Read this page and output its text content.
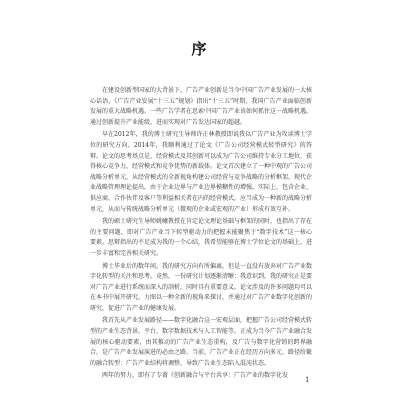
序

在建设创新型国家的大背景下，广告产业创新是当今中国广告产业发展的一大核心话语，《广告产业发展“十三五”规划》指出“十三五”时期，我国广告产业面临创新发展的重大战略机遇。一些广告学者在思索中国广告产业该如何抓住这一战略机遇，通过创新提升产业能级，进而实现对广告发达国家的超越。

早在2012年，我的博士研究生导师许正林教授即说我以广告产业为攻读博士学位的研究方向。2014年，我顺利通过了论文《广告公司经营模式转型研究》的答辩。论文的思考基点是，经营模式及其创新可以成为广告公司维持专业分工地位，获得核心竞争力，经营模式和竞争优势的新载体。论文首次建立了一种中观的广告公司战略分析单元，从经营模式的全新视角构建公司经营与竞争战略的分析框架，现代企业战略管理理论提出，由于企业边界与产业边界模糊性的增强，实际上，包含企业、供应商、合作伙伴及客户等利益相关者在内的经营模式，应当成为一种新的战略分析单元，从而与传统战略分析单元（微观的企业或宏观的产业）形成有效互补。

我的硕士研究生导师姚曦教授在肯定论文理论基础与框架的同时，也指出了存在的主要问题，即对广告产业当下转型驱动力的把握未能聚焦于“数字技术”这一核心要素。思辩指出的不足成为我的一个心结，我希望能够在博士学位论文的基础上，进一步丰富和完善相关研究。

博士毕业后的数年间，我的研究方向有所偏离，但是一直没有放弃对广告产业数字化转型的关注和思考。竟然，一份研究计划逐渐清晰：我意识到，我的研究正是要对广告产业进行系统而深入的剖析，同时具有重要意义。论文涉及的许多问题均可以在本书中展开研究，力图以一种全新的视角来探讨，并通过对广告产业数字化创新的研究，促进广告产业的健康发展。

我首先从产业发展路径——数字化融合这一宏观层面，把握广告公司经营模式转型的产业生态背景。平台、数字数据技术与人工智能等，正成为当今广告产业融合发展的核心驱动要素，由其推动的广告产业生态重构，及广告与数字化营销的跨界融合，是广告产业发展演进的必由之路。当前，广告产业正在经历方向多元、路径纷繁的融合转型：广告产业结构将调整，导致广告业生态陷入混沌状态。

两年的努力，即有了专著《创新融合与平台共享：广告产业的数字化发

1
